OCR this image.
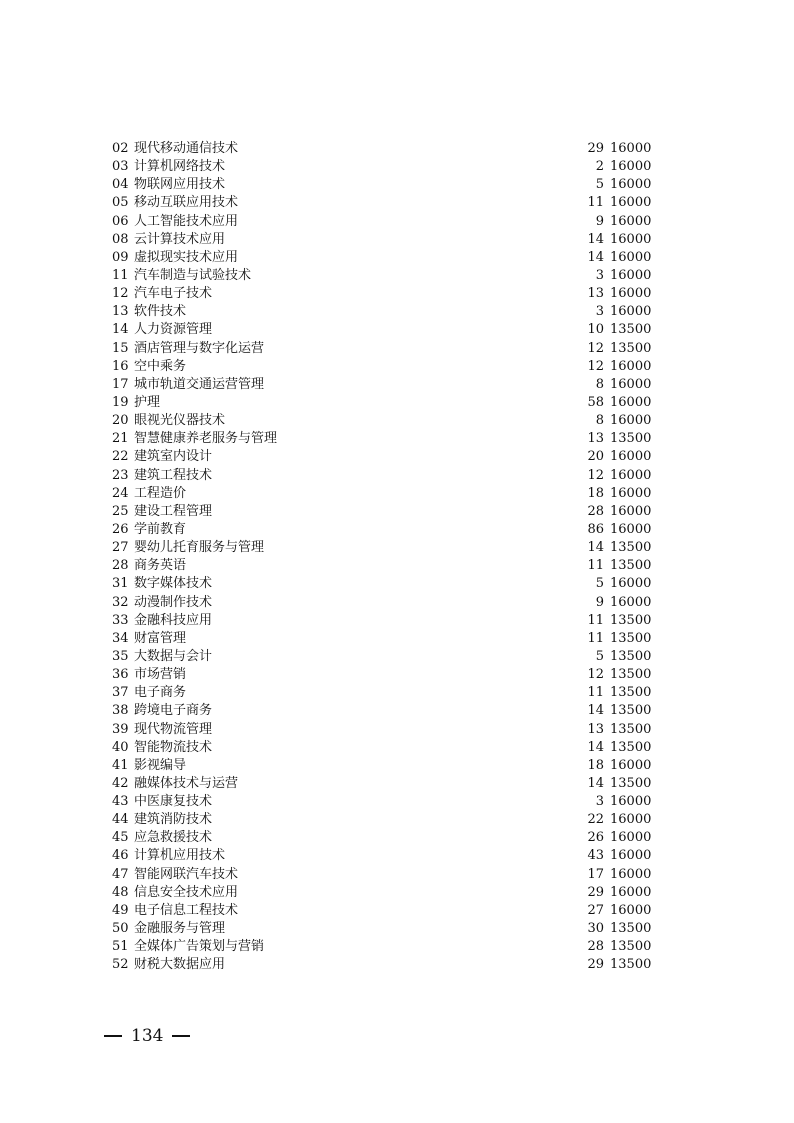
02 现代移动通信技术	29 16000
03 计算机网络技术	2 16000
04 物联网应用技术	5 16000
05 移动互联应用技术	11 16000
06 人工智能技术应用	9 16000
08 云计算技术应用	14 16000
09 虚拟现实技术应用	14 16000
11 汽车制造与试验技术	3 16000
12 汽车电子技术	13 16000
13 软件技术	3 16000
14 人力资源管理	10 13500
15 酒店管理与数字化运营	12 13500
16 空中乘务	12 16000
17 城市轨道交通运营管理	8 16000
19 护理	58 16000
20 眼视光仪器技术	8 16000
21 智慧健康养老服务与管理	13 13500
22 建筑室内设计	20 16000
23 建筑工程技术	12 16000
24 工程造价	18 16000
25 建设工程管理	28 16000
26 学前教育	86 16000
27 婴幼儿托育服务与管理	14 13500
28 商务英语	11 13500
31 数字媒体技术	5 16000
32 动漫制作技术	9 16000
33 金融科技应用	11 13500
34 财富管理	11 13500
35 大数据与会计	5 13500
36 市场营销	12 13500
37 电子商务	11 13500
38 跨境电子商务	14 13500
39 现代物流管理	13 13500
40 智能物流技术	14 13500
41 影视编导	18 16000
42 融媒体技术与运营	14 13500
43 中医康复技术	3 16000
44 建筑消防技术	22 16000
45 应急救援技术	26 16000
46 计算机应用技术	43 16000
47 智能网联汽车技术	17 16000
48 信息安全技术应用	29 16000
49 电子信息工程技术	27 16000
50 金融服务与管理	30 13500
51 全媒体广告策划与营销	28 13500
52 财税大数据应用	29 13500
134
